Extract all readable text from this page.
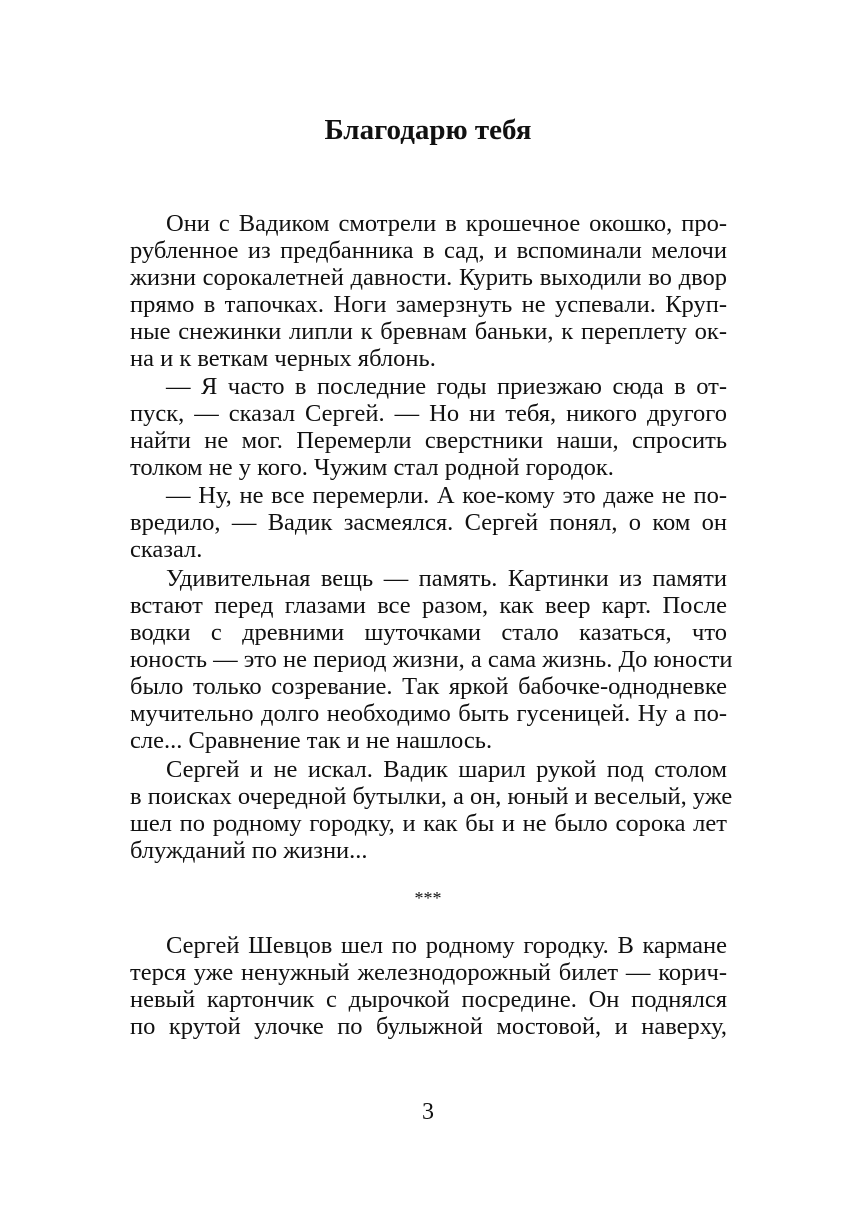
Благодарю тебя
Они с Вадиком смотрели в крошечное окошко, про-
рубленное из предбанника в сад, и вспоминали мелочи
жизни сорокалетней давности. Курить выходили во двор
прямо в тапочках. Ноги замерзнуть не успевали. Круп-
ные снежинки липли к бревнам баньки, к переплету ок-
на и к веткам черных яблонь.
— Я часто в последние годы приезжаю сюда в от-
пуск, — сказал Сергей. — Но ни тебя, никого другого
найти не мог. Перемерли сверстники наши, спросить
толком не у кого. Чужим стал родной городок.
— Ну, не все перемерли. А кое-кому это даже не по-
вредило, — Вадик засмеялся. Сергей понял, о ком он
сказал.
Удивительная вещь — память. Картинки из памяти
встают перед глазами все разом, как веер карт. После
водки с древними шуточками стало казаться, что
юность — это не период жизни, а сама жизнь. До юности
было только созревание. Так яркой бабочке-однодневке
мучительно долго необходимо быть гусеницей. Ну а по-
сле... Сравнение так и не нашлось.
Сергей и не искал. Вадик шарил рукой под столом
в поисках очередной бутылки, а он, юный и веселый, уже
шел по родному городку, и как бы и не было сорока лет
блужданий по жизни...
***
Сергей Шевцов шел по родному городку. В кармане
терся уже ненужный железнодорожный билет — корич-
невый картончик с дырочкой посредине. Он поднялся
по крутой улочке по булыжной мостовой, и наверху,
3
